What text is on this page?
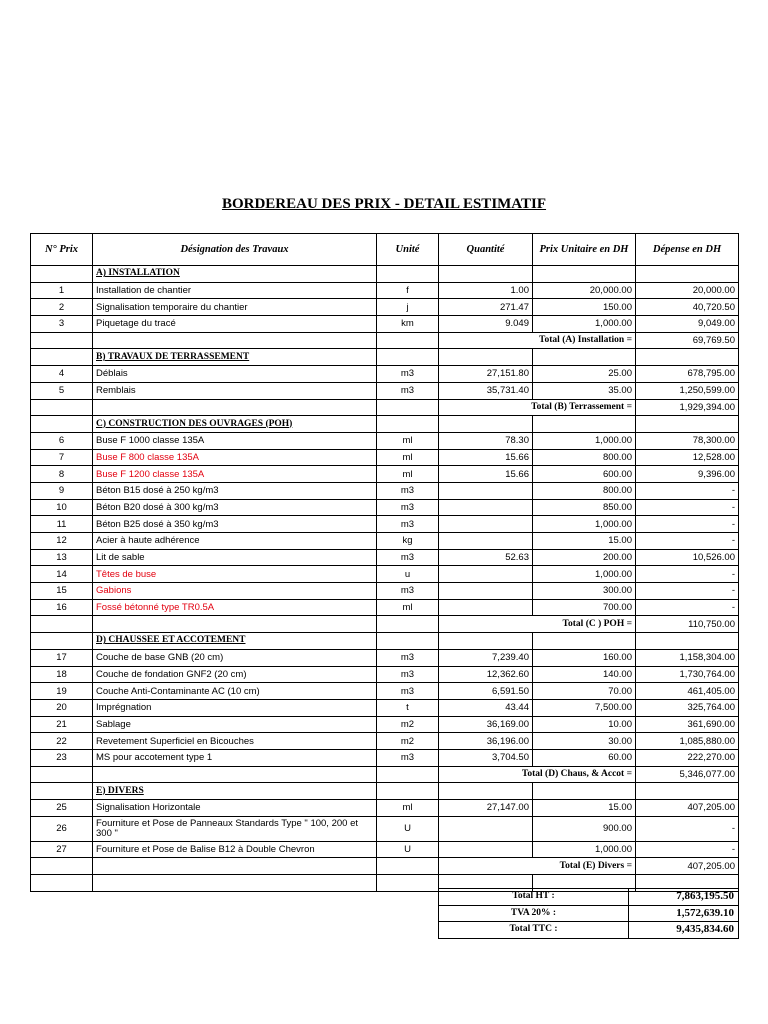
BORDEREAU DES PRIX - DETAIL ESTIMATIF
N° Prix	Désignation des Travaux	Unité	Quantité	Prix Unitaire en DH	Dépense en DH
	A) INSTALLATION				
1	Installation de chantier	f	1.00	20,000.00	20,000.00
2	Signalisation temporaire du chantier	j	271.47	150.00	40,720.50
3	Piquetage du tracé	km	9.049	1,000.00	9,049.00
			Total (A) Installation =		69,769.50
	B) TRAVAUX DE TERRASSEMENT				
4	Déblais	m3	27,151.80	25.00	678,795.00
5	Remblais	m3	35,731.40	35.00	1,250,599.00
			Total (B) Terrassement =		1,929,394.00
	C) CONSTRUCTION DES OUVRAGES (POH)				
6	Buse F 1000 classe 135A	ml	78.30	1,000.00	78,300.00
7	Buse F 800 classe 135A	ml	15.66	800.00	12,528.00
8	Buse F 1200 classe 135A	ml	15.66	600.00	9,396.00
9	Béton B15 dosé à 250 kg/m3	m3		800.00	-
10	Béton B20 dosé à 300 kg/m3	m3		850.00	-
11	Béton B25 dosé à 350 kg/m3	m3		1,000.00	-
12	Acier à haute adhérence	kg		15.00	-
13	Lit de sable	m3	52.63	200.00	10,526.00
14	Têtes de buse	u		1,000.00	-
15	Gabions	m3		300.00	-
16	Fossé bétonné type TR0.5A	ml		700.00	-
			Total (C ) POH =		110,750.00
	D) CHAUSSEE ET ACCOTEMENT				
17	Couche de base GNB (20 cm)	m3	7,239.40	160.00	1,158,304.00
18	Couche de fondation GNF2 (20 cm)	m3	12,362.60	140.00	1,730,764.00
19	Couche Anti-Contaminante AC (10 cm)	m3	6,591.50	70.00	461,405.00
20	Imprégnation	t	43.44	7,500.00	325,764.00
21	Sablage	m2	36,169.00	10.00	361,690.00
22	Revetement Superficiel en Bicouches	m2	36,196.00	30.00	1,085,880.00
23	MS pour accotement type 1	m3	3,704.50	60.00	222,270.00
			Total (D) Chaus, & Accot =		5,346,077.00
	E) DIVERS				
25	Signalisation Horizontale	ml	27,147.00	15.00	407,205.00
26	Fourniture et Pose de Panneaux Standards Type " 100, 200 et 300 "	U		900.00	-
27	Fourniture et Pose de Balise B12 à Double Chevron	U		1,000.00	-
			Total (E) Divers =		407,205.00

Total HT :	7,863,195.50
TVA 20% :	1,572,639.10
Total TTC :	9,435,834.60
